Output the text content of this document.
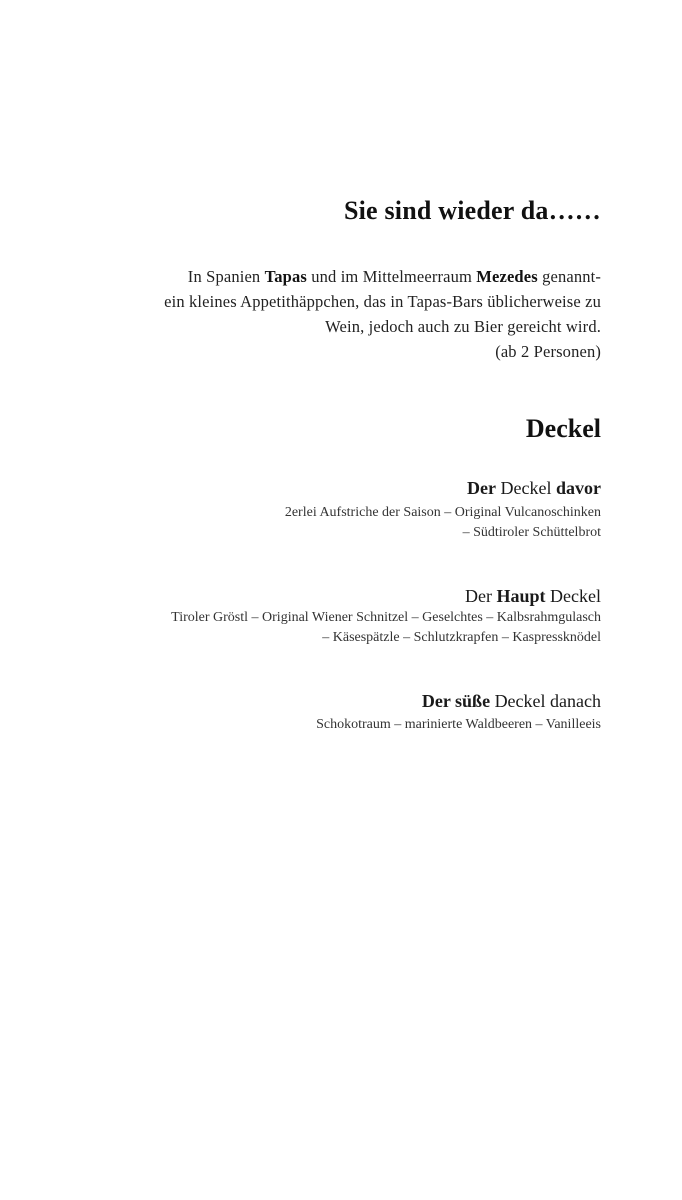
Sie sind wieder da……
In Spanien Tapas und im Mittelmeerraum Mezedes genannt-
ein kleines Appetithäppchen, das in Tapas-Bars üblicherweise zu
Wein, jedoch auch zu Bier gereicht wird.
(ab 2 Personen)
Deckel
Der Deckel davor
2erlei Aufstriche der Saison – Original Vulcanoschinken
– Südtiroler Schüttelbrot
Der Haupt Deckel
Tiroler Gröstl – Original Wiener Schnitzel – Geselchtes – Kalbsrahmgulasch
– Käsespätzle – Schlutzkrapfen – Kaspressknödel
Der süße Deckel danach
Schokotraum – marinierte Waldbeeren – Vanilleeis
